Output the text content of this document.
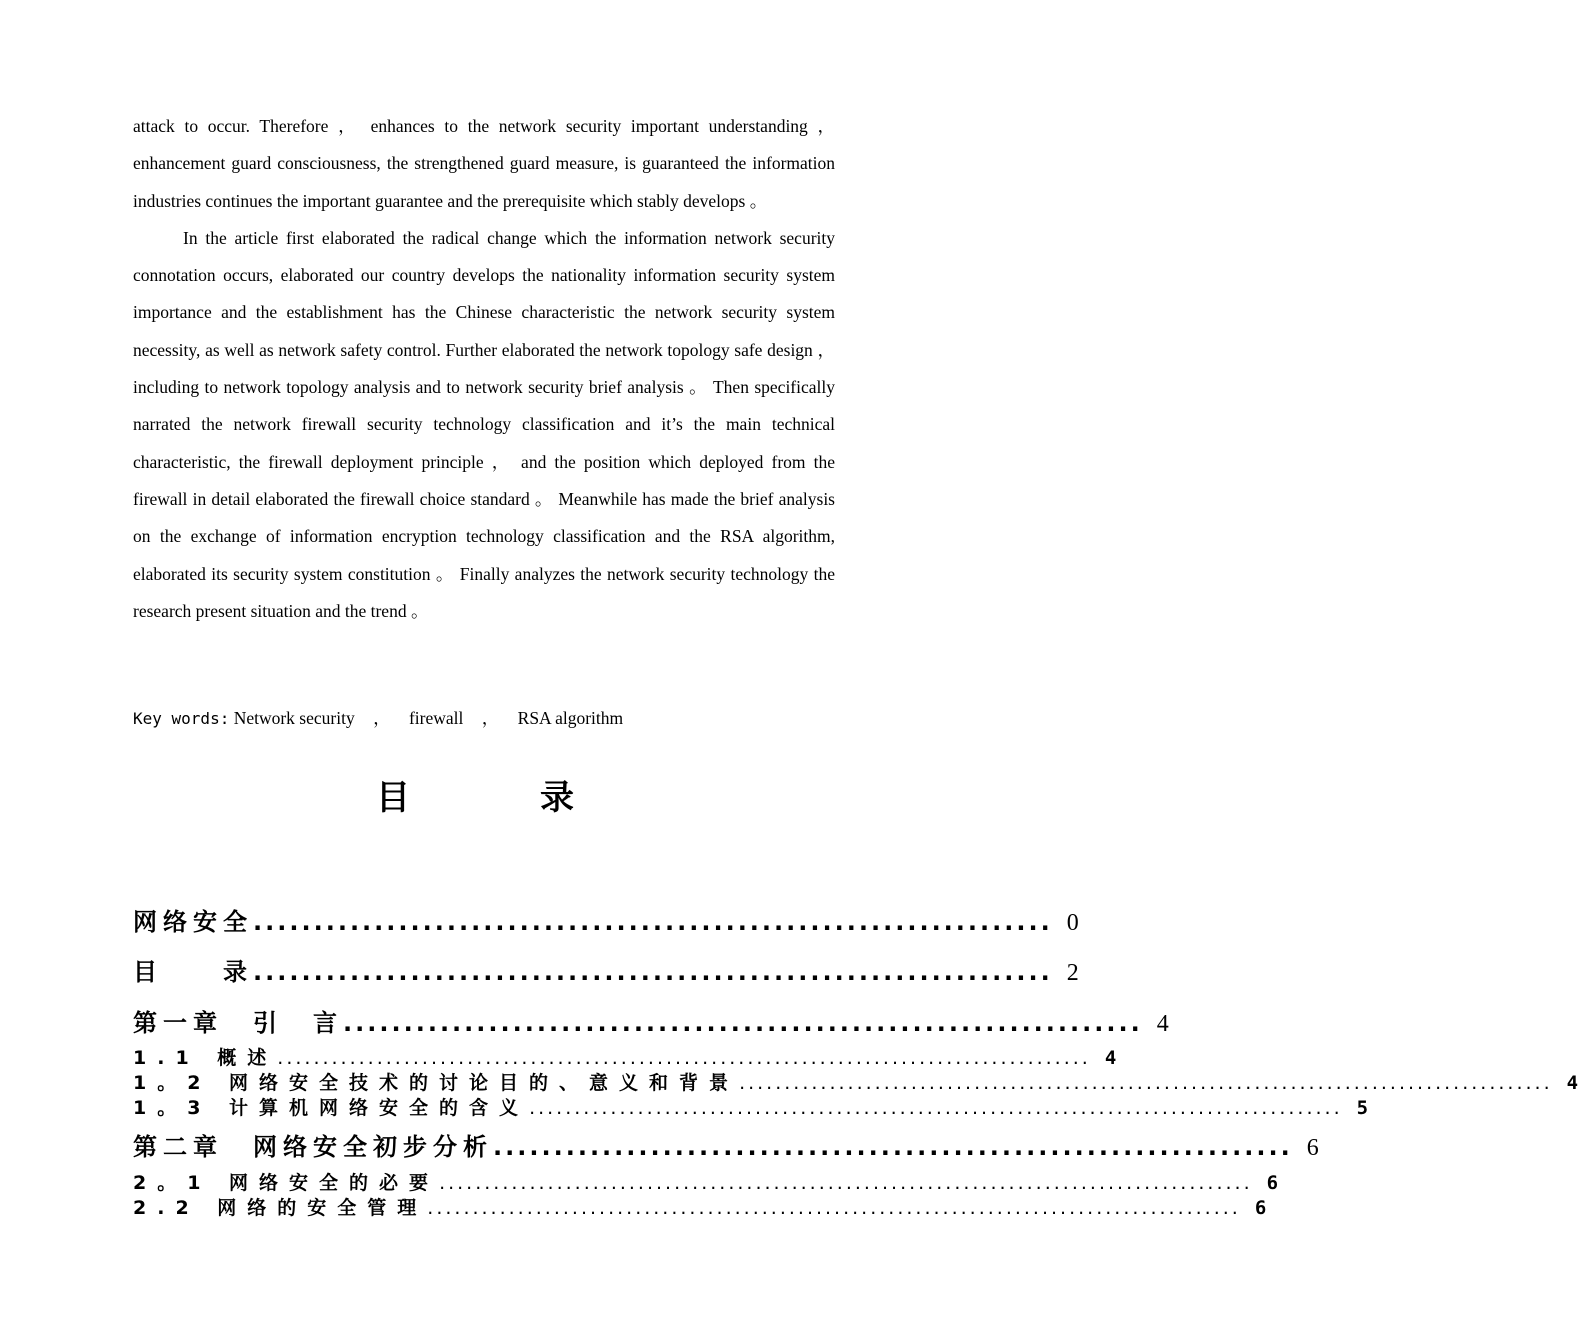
attack to occur. Therefore ， enhances to the network security important understanding ， enhancement guard consciousness, the strengthened guard measure, is guaranteed the information industries continues the important guarantee and the prerequisite which stably develops 。

In the article first elaborated the radical change which the information network security connotation occurs, elaborated our country develops the nationality information security system importance and the establishment has the Chinese characteristic the network security system necessity, as well as network safety control. Further elaborated the network topology safe design ， including to network topology analysis and to network security brief analysis 。 Then specifically narrated the network firewall security technology classification and it’s the main technical characteristic, the firewall deployment principle ， and the position which deployed from the firewall in detail elaborated the firewall choice standard 。 Meanwhile has made the brief analysis on the exchange of information encryption technology classification and the RSA algorithm, elaborated its security system constitution 。 Finally analyzes the network security technology the research present situation and the trend 。

Key words: Network security ， firewall ， RSA algorithm
目录
网络安全 .................................................................. 0
目　　录 .................................................................. 2
第一章　引　言 .................................................................. 4
1.1 概述 .......................................................................................... 4
1。2 网络安全技术的讨论目的、意义和背景 .......................................................................................... 4
1。3 计算机网络安全的含义 .......................................................................................... 5
第二章　网络安全初步分析 .................................................................. 6
2。1 网络安全的必要 .......................................................................................... 6
2.2 网络的安全管理 .......................................................................................... 6
